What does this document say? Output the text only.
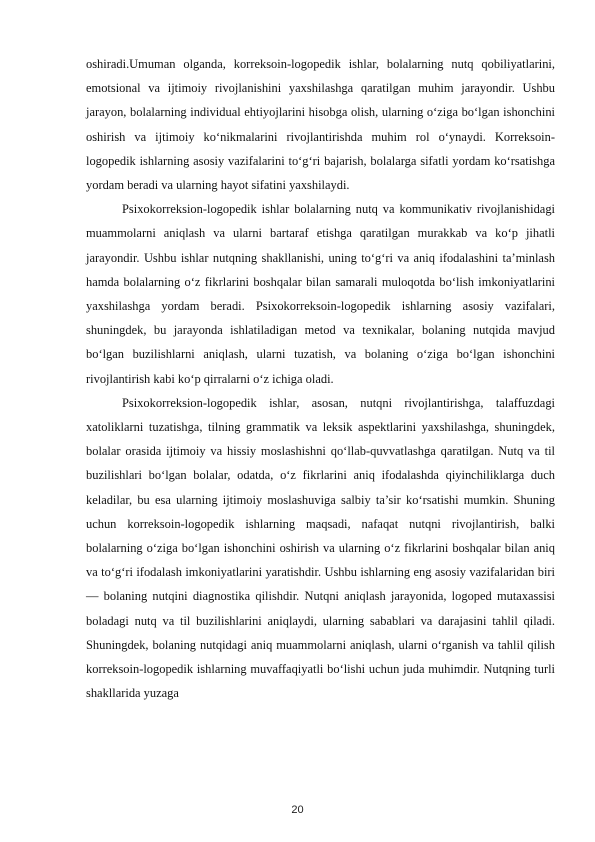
oshiradi.Umuman olganda, korreksoin-logopedik ishlar, bolalarning nutq qobiliyatlarini, emotsional va ijtimoiy rivojlanishini yaxshilashga qaratilgan muhim jarayondir. Ushbu jarayon, bolalarning individual ehtiyojlarini hisobga olish, ularning o‘ziga bo‘lgan ishonchini oshirish va ijtimoiy ko‘nikmalarini rivojlantirishda muhim rol o‘ynaydi. Korreksoin-logopedik ishlarning asosiy vazifalarini to‘g‘ri bajarish, bolalarga sifatli yordam ko‘rsatishga yordam beradi va ularning hayot sifatini yaxshilaydi.

Psixokorreksion-logopedik ishlar bolalarning nutq va kommunikativ rivojlanishidagi muammolarni aniqlash va ularni bartaraf etishga qaratilgan murakkab va ko‘p jihatli jarayondir. Ushbu ishlar nutqning shakllanishi, uning to‘g‘ri va aniq ifodalashini ta’minlash hamda bolalarning o‘z fikrlarini boshqalar bilan samarali muloqotda bo‘lish imkoniyatlarini yaxshilashga yordam beradi. Psixokorreksoin-logopedik ishlarning asosiy vazifalari, shuningdek, bu jarayonda ishlatiladigan metod va texnikalar, bolaning nutqida mavjud bo‘lgan buzilishlarni aniqlash, ularni tuzatish, va bolaning o‘ziga bo‘lgan ishonchini rivojlantirish kabi ko‘p qirralarni o‘z ichiga oladi.

Psixokorreksion-logopedik ishlar, asosan, nutqni rivojlantirishga, talaffuzdagi xatoliklarni tuzatishga, tilning grammatik va leksik aspektlarini yaxshilashga, shuningdek, bolalar orasida ijtimoiy va hissiy moslashishni qo‘llab-quvvatlashga qaratilgan. Nutq va til buzilishlari bo‘lgan bolalar, odatda, o‘z fikrlarini aniq ifodalashda qiyinchiliklarga duch keladilar, bu esa ularning ijtimoiy moslashuviga salbiy ta’sir ko‘rsatishi mumkin. Shuning uchun korreksoin-logopedik ishlarning maqsadi, nafaqat nutqni rivojlantirish, balki bolalarning o‘ziga bo‘lgan ishonchini oshirish va ularning o‘z fikrlarini boshqalar bilan aniq va to‘g‘ri ifodalash imkoniyatlarini yaratishdir. Ushbu ishlarning eng asosiy vazifalaridan biri — bolaning nutqini diagnostika qilishdir. Nutqni aniqlash jarayonida, logoped mutaxassisi boladagi nutq va til buzilishlarini aniqlaydi, ularning sabablari va darajasini tahlil qiladi. Shuningdek, bolaning nutqidagi aniq muammolarni aniqlash, ularni o‘rganish va tahlil qilish korreksoin-logopedik ishlarning muvaffaqiyatli bo‘lishi uchun juda muhimdir. Nutqning turli shakllarida yuzaga

20
